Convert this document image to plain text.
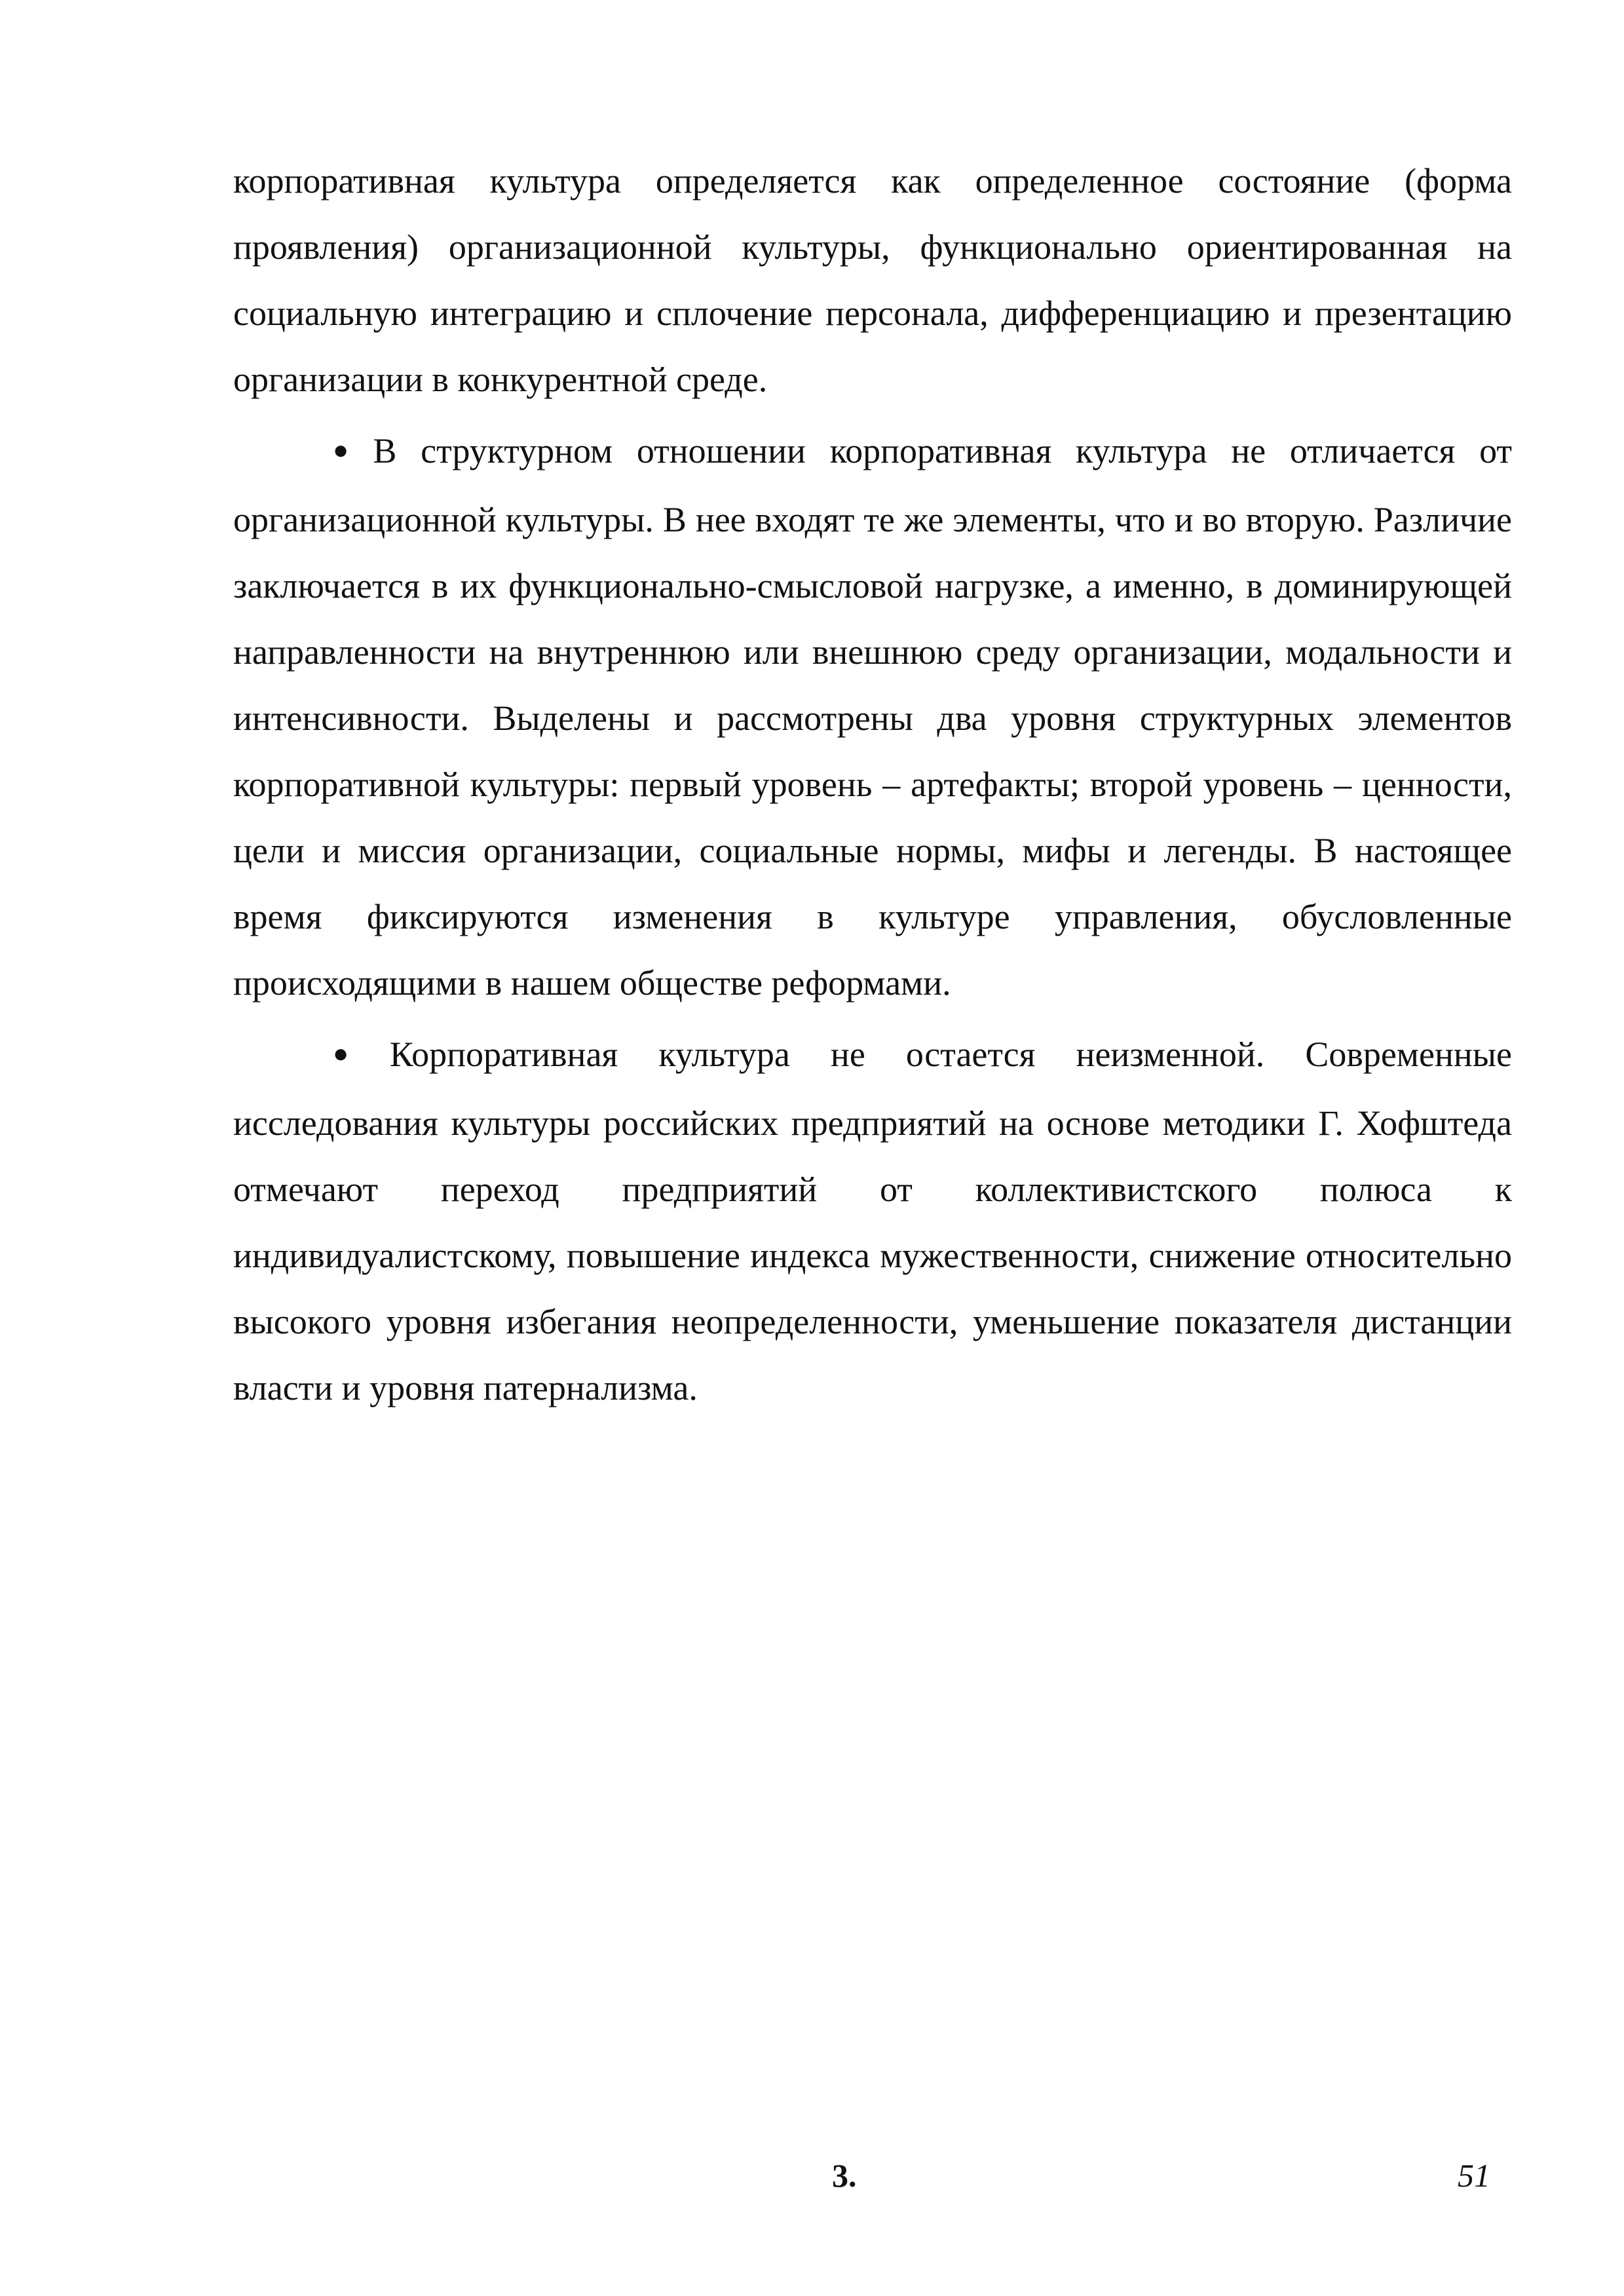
корпоративная культура определяется как определенное состояние (форма проявления) организационной культуры, функционально ориентированная на социальную интеграцию и сплочение персонала, дифференциацию и презентацию организации в конкурентной среде.

● В структурном отношении корпоративная культура не отличается от организационной культуры. В нее входят те же элементы, что и во вторую. Различие заключается в их функционально-смысловой нагрузке, а именно, в доминирующей направленности на внутреннюю или внешнюю среду организации, модальности и интенсивности. Выделены и рассмотрены два уровня структурных элементов корпоративной культуры: первый уровень – артефакты; второй уровень – ценности, цели и миссия организации, социальные нормы, мифы и легенды. В настоящее время фиксируются изменения в культуре управления, обусловленные происходящими в нашем обществе реформами.

● Корпоративная культура не остается неизменной. Современные исследования культуры российских предприятий на основе методики Г. Хофштеда отмечают переход предприятий от коллективистского полюса к индивидуалистскому, повышение индекса мужественности, снижение относительно высокого уровня избегания неопределенности, уменьшение показателя дистанции власти и уровня патернализма.

3.	51
